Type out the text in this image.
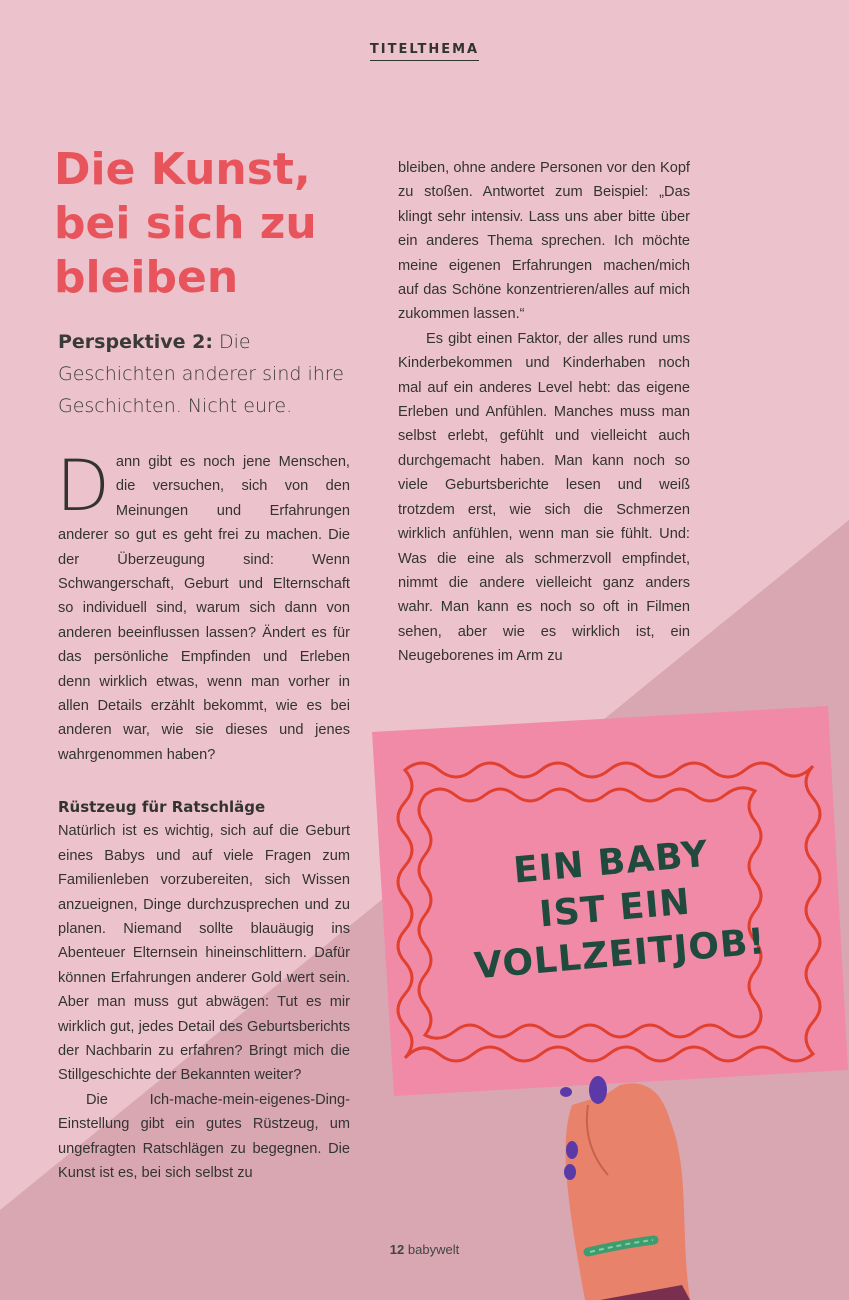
TITELTHEMA
Die Kunst,
bei sich zu
bleiben

Perspektive 2: Die Geschichten anderer sind ihre Geschichten. Nicht eure.

Dann gibt es noch jene Menschen, die versuchen, sich von den Meinungen und Erfahrungen anderer so gut es geht frei zu machen. Die der Überzeugung sind: Wenn Schwangerschaft, Geburt und Elternschaft so individuell sind, warum sich dann von anderen beeinflussen lassen? Ändert es für das persönliche Empfinden und Erleben denn wirklich etwas, wenn man vorher in allen Details erzählt bekommt, wie es bei anderen war, wie sie dieses und jenes wahrgenommen haben?

Rüstzeug für Ratschläge

Natürlich ist es wichtig, sich auf die Geburt eines Babys und auf viele Fragen zum Familienleben vorzubereiten, sich Wissen anzueignen, Dinge durchzusprechen und zu planen. Niemand sollte blauäugig ins Abenteuer Elternsein hineinschlittern. Dafür können Erfahrungen anderer Gold wert sein. Aber man muss gut abwägen: Tut es mir wirklich gut, jedes Detail des Geburtsberichts der Nachbarin zu erfahren? Bringt mich die Stillgeschichte der Bekannten weiter?

Die Ich-mache-mein-eigenes-Ding-Einstellung gibt ein gutes Rüstzeug, um ungefragten Ratschlägen zu begegnen. Die Kunst ist es, bei sich selbst zu

bleiben, ohne andere Personen vor den Kopf zu stoßen. Antwortet zum Beispiel: „Das klingt sehr intensiv. Lass uns aber bitte über ein anderes Thema sprechen. Ich möchte meine eigenen Erfahrungen machen/mich auf das Schöne konzentrieren/alles auf mich zukommen lassen.“

Es gibt einen Faktor, der alles rund ums Kinderbekommen und Kinderhaben noch mal auf ein anderes Level hebt: das eigene Erleben und Anfühlen. Manches muss man selbst erlebt, gefühlt und vielleicht auch durchgemacht haben. Man kann noch so viele Geburtsberichte lesen und weiß trotzdem erst, wie sich die Schmerzen wirklich anfühlen, wenn man sie fühlt. Und: Was die eine als schmerzvoll empfindet, nimmt die andere vielleicht ganz anders wahr. Man kann es noch so oft in Filmen sehen, aber wie es wirklich ist, ein Neugeborenes im Arm zu

EIN BABY
IST EIN
VOLLZEITJOB!
12 babywelt
